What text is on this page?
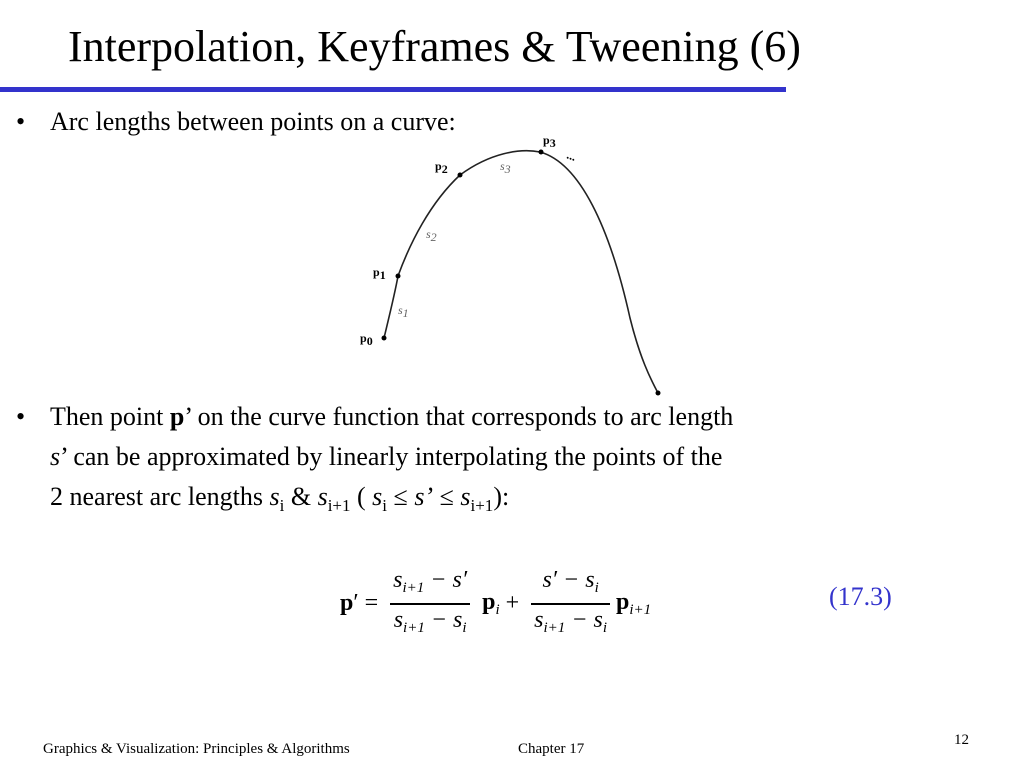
Interpolation, Keyframes & Tweening (6)
• Arc lengths between points on a curve:
p0
p1
p2
p3
...
s1
s2
s3
• Then point p’ on the curve function that corresponds to arc length
s’ can be approximated by linearly interpolating the points of the
2 nearest arc lengths $s_i$ & $s_{i+1}$ ( $s_i \le s$’ ≤ $s_{i+1}$):
p ′ = $\frac{s_{i+1} - s'}{s_{i+1} - s_i} p_i + \frac{s' - s_i}{s_{i+1} - s_i} p_{i+1}$	(17.3)
Graphics & Visualization: Principles & Algorithms	Chapter 17
12
